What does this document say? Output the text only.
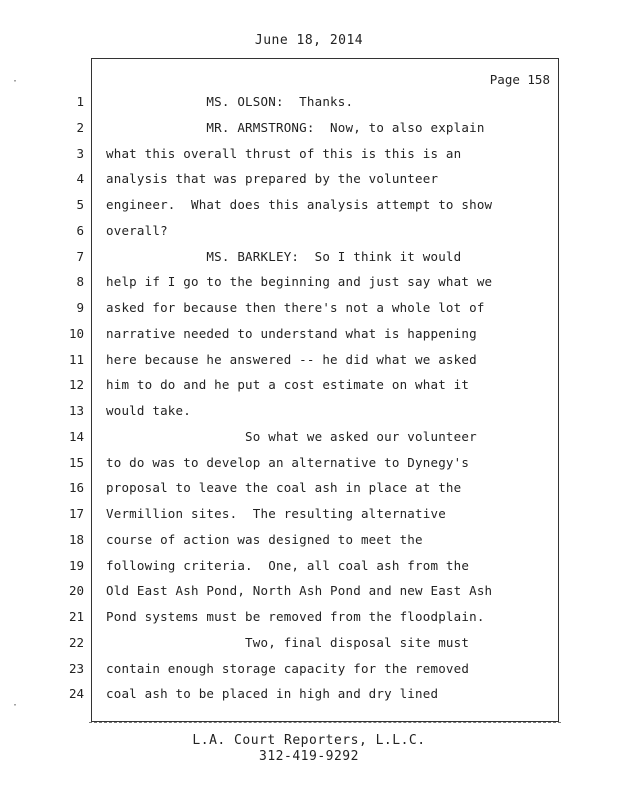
June 18, 2014
Page 158
1 MS. OLSON:  Thanks.
2 MR. ARMSTRONG:  Now, to also explain
3 what this overall thrust of this is this is an
4 analysis that was prepared by the volunteer
5 engineer.  What does this analysis attempt to show
6 overall?
7 MS. BARKLEY:  So I think it would
8 help if I go to the beginning and just say what we
9 asked for because then there's not a whole lot of
10 narrative needed to understand what is happening
11 here because he answered -- he did what we asked
12 him to do and he put a cost estimate on what it
13 would take.
14 So what we asked our volunteer
15 to do was to develop an alternative to Dynegy's
16 proposal to leave the coal ash in place at the
17 Vermillion sites.  The resulting alternative
18 course of action was designed to meet the
19 following criteria.  One, all coal ash from the
20 Old East Ash Pond, North Ash Pond and new East Ash
21 Pond systems must be removed from the floodplain.
22 Two, final disposal site must
23 contain enough storage capacity for the removed
24 coal ash to be placed in high and dry lined
L.A. Court Reporters, L.L.C.
312-419-9292
·
·
